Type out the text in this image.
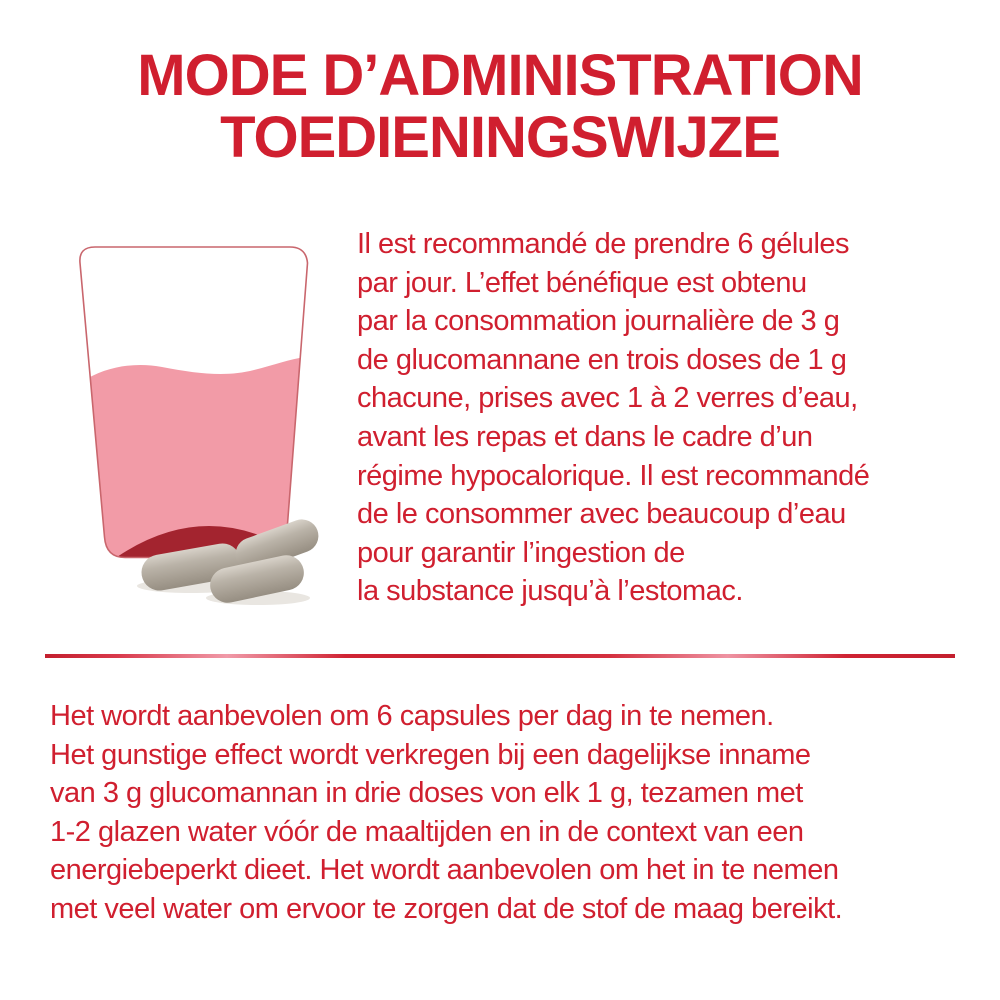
MODE D’ADMINISTRATION
TOEDIENINGSWIJZE
Il est recommandé de prendre 6 gélules
par jour. L’effet bénéfique est obtenu
par la consommation journalière de 3 g
de glucomannane en trois doses de 1 g
chacune, prises avec 1 à 2 verres d’eau,
avant les repas et dans le cadre d’un
régime hypocalorique. Il est recommandé
de le consommer avec beaucoup d’eau
pour garantir l’ingestion de
la substance jusqu’à l’estomac.
Het wordt aanbevolen om 6 capsules per dag in te nemen.
Het gunstige effect wordt verkregen bij een dagelijkse inname
van 3 g glucomannan in drie doses von elk 1 g, tezamen met
1-2 glazen water vóór de maaltijden en in de context van een
energiebeperkt dieet. Het wordt aanbevolen om het in te nemen
met veel water om ervoor te zorgen dat de stof de maag bereikt.
